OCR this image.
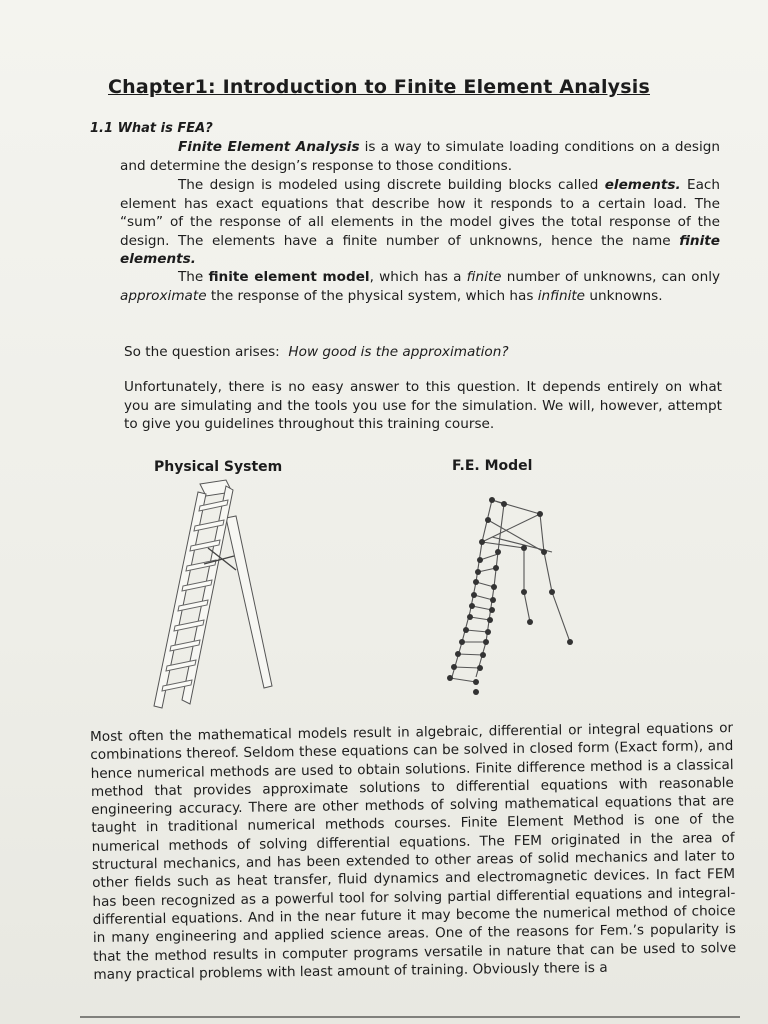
Chapter1: Introduction to Finite Element Analysis
1.1 What is FEA?
Finite Element Analysis is a way to simulate loading conditions on a design and determine the design’s response to those conditions.
The design is modeled using discrete building blocks called elements. Each element has exact equations that describe how it responds to a certain load. The “sum” of the response of all elements in the model gives the total response of the design. The elements have a finite number of unknowns, hence the name finite elements.
The finite element model, which has a finite number of unknowns, can only approximate the response of the physical system, which has infinite unknowns.
So the question arises:  How good is the approximation?
Unfortunately, there is no easy answer to this question. It depends entirely on what you are simulating and the tools you use for the simulation. We will, however, attempt to give you guidelines throughout this training course.
Physical System	F.E. Model
Most often the mathematical models result in algebraic, differential or integral equations or combinations thereof. Seldom these equations can be solved in closed form (Exact form), and hence numerical methods are used to obtain solutions. Finite difference method is a classical method that provides approximate solutions to differential equations with reasonable engineering accuracy. There are other methods of solving mathematical equations that are taught in traditional numerical methods courses. Finite Element Method is one of the numerical methods of solving differential equations. The FEM originated in the area of structural mechanics, and has been extended to other areas of solid mechanics and later to other fields such as heat transfer, fluid dynamics and electromagnetic devices. In fact FEM has been recognized as a powerful tool for solving partial differential equations and integral-differential equations. And in the near future it may become the numerical method of choice in many engineering and applied science areas. One of the reasons for Fem.’s popularity is that the method results in computer programs versatile in nature that can be used to solve many practical problems with least amount of training. Obviously there is a
